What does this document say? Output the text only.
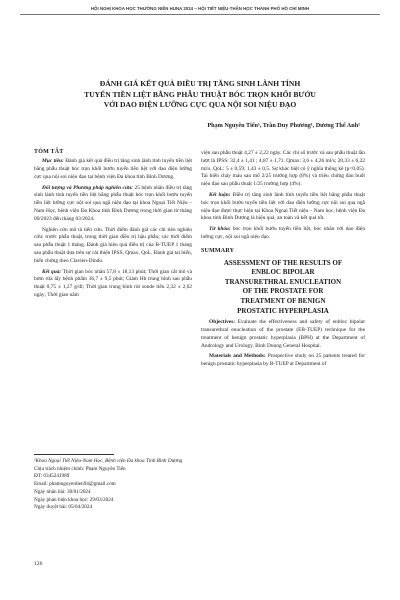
HỘI NGHỊ KHOA HỌC THƯỜNG NIÊN HUNA 2024 – HỘI TIẾT NIỆU-THẬN HỌC THÀNH PHỐ HỒ CHÍ MINH
ĐÁNH GIÁ KẾT QUẢ ĐIỀU TRỊ TĂNG SINH LÀNH TÍNH
TUYẾN TIỀN LIỆT BẰNG PHẪU THUẬT BÓC TRỌN KHỐI BƯỚU
VỚI DAO ĐIỆN LƯỠNG CỰC QUA NỘI SOI NIỆU ĐẠO
Phạm Nguyên Tiến¹, Trần Duy Phương¹, Dương Thế Anh¹
TÓM TẮT

Mục tiêu: Đánh giá kết quả điều trị tăng sinh lành tính tuyến tiền liệt bằng phẫu thuật bóc trọn khối bướu tuyến tiền liệt với dao điện lưỡng cực qua nội soi niệu đạo tại bệnh viện Đa khoa tỉnh Bình Dương.

Đối tượng và Phương pháp nghiên cứu: 25 bệnh nhân điều trị tăng sinh lành tính tuyến tiền liệt bằng phẫu thuật bóc trọn khối bướu tuyến tiền liệt lưỡng cực nội soi qua ngã niệu đạo tại khoa Ngoại Tiết Niệu – Nam Học, bệnh viện Đa Khoa tỉnh Bình Dương trong thời gian từ tháng 09/2023 đến tháng 03/2024.

Nghiên cứu mô tả tiến cứu. Thời điểm đánh giá các chỉ tiêu nghiên cứu: trước phẫu thuật, trong thời gian điều trị hậu phẫu; các thời điểm sau phẫu thuật 1 tháng. Đánh giá hiệu quả điều trị của B-TUEP 1 tháng sau phẫu thuật dựa trên sự cải thiện IPSS, Qmax, QoL. Đánh giá tai biến, biến chứng theo Clavien-Dindo.

Kết quả: Thời gian bóc nhân 57,8 ± 18,13 phút; Thời gian cắt mô và bơm rửa lấy bệnh phẩm 36,7 ± 9,5 phút; Giảm Hb trung bình sau phẫu thuật 0,75 ± 1,27 g/dl; Thời gian trung bình rút sonde tiểu 2,32 ± 2,62 ngày; Thời gian nằm

¹Khoa Ngoại Tiết Niệu-Nam Học, Bệnh viện Đa khoa Tỉnh Bình Dương
Chịu trách nhiệm chính: Phạm Nguyên Tiến
ĐT: 0345241989
Email: phamnguyentien94@gmail.com
Ngày nhận bài: 30/01/2024
Ngày phản biện khoa học: 29/03/2024
Ngày duyệt bài: 05/04/2024

viện sau phẫu thuật 4,27 ± 2,22 ngày. Các chỉ số trước và sau phẫu thuật lần lượt là IPSS: 32,4 ± 1,41 ; 4,87 ± 1,71. Qmax: 3,6 ± 4,26 ml/s; 20,33 ± 6,22 ml/s. QoL: 5 ± 0,59; 1,43 ± 0,5. Sự khác biệt có ý nghĩa thống kê (p<0,05). Tai biến chảy máu sau mổ 2/25 trường hợp (8%) và triệu chứng đau buốt niệu đạo sau phẫu thuật 1/25 trường hợp (4%).

Kết luận: Điều trị tăng sinh lành tính tuyến tiền liệt bằng phẫu thuật bóc trọn khối bướu tuyến tiền liệt với dao điện lưỡng cực nội soi qua ngã niệu đạo được thực hiện tại Khoa Ngoại Tiết niệu – Nam học, bệnh viện Đa khoa tỉnh Bình Dương là hiệu quả, an toàn và kết quả tốt.

Từ khóa: bóc trọn khối bướu tuyến tiền liệt, bóc nhân với dao điện lưỡng cực, nội soi ngã niệu đạo.

SUMMARY
ASSESSMENT OF THE RESULTS OF
ENBLOC BIPOLAR
TRANSURETHRAL ENUCLEATION
OF THE PROSTATE FOR
TREATMENT OF BENIGN
PROSTATIC HYPERPLASIA

Objectives: Evaluate the effectiveness and safety of enbloc bipolar transurethral enucleation of the prostate (EB-TUEP) technique for the treatment of benign prostatic hyperplasia (BPH) at the Department of Andrology and Urology, Binh Duong General Hospital.

Materials and Methods: Prospective study on 25 patients treated for benign prostatic hyperplasia by B-TUEP at Department of

126
